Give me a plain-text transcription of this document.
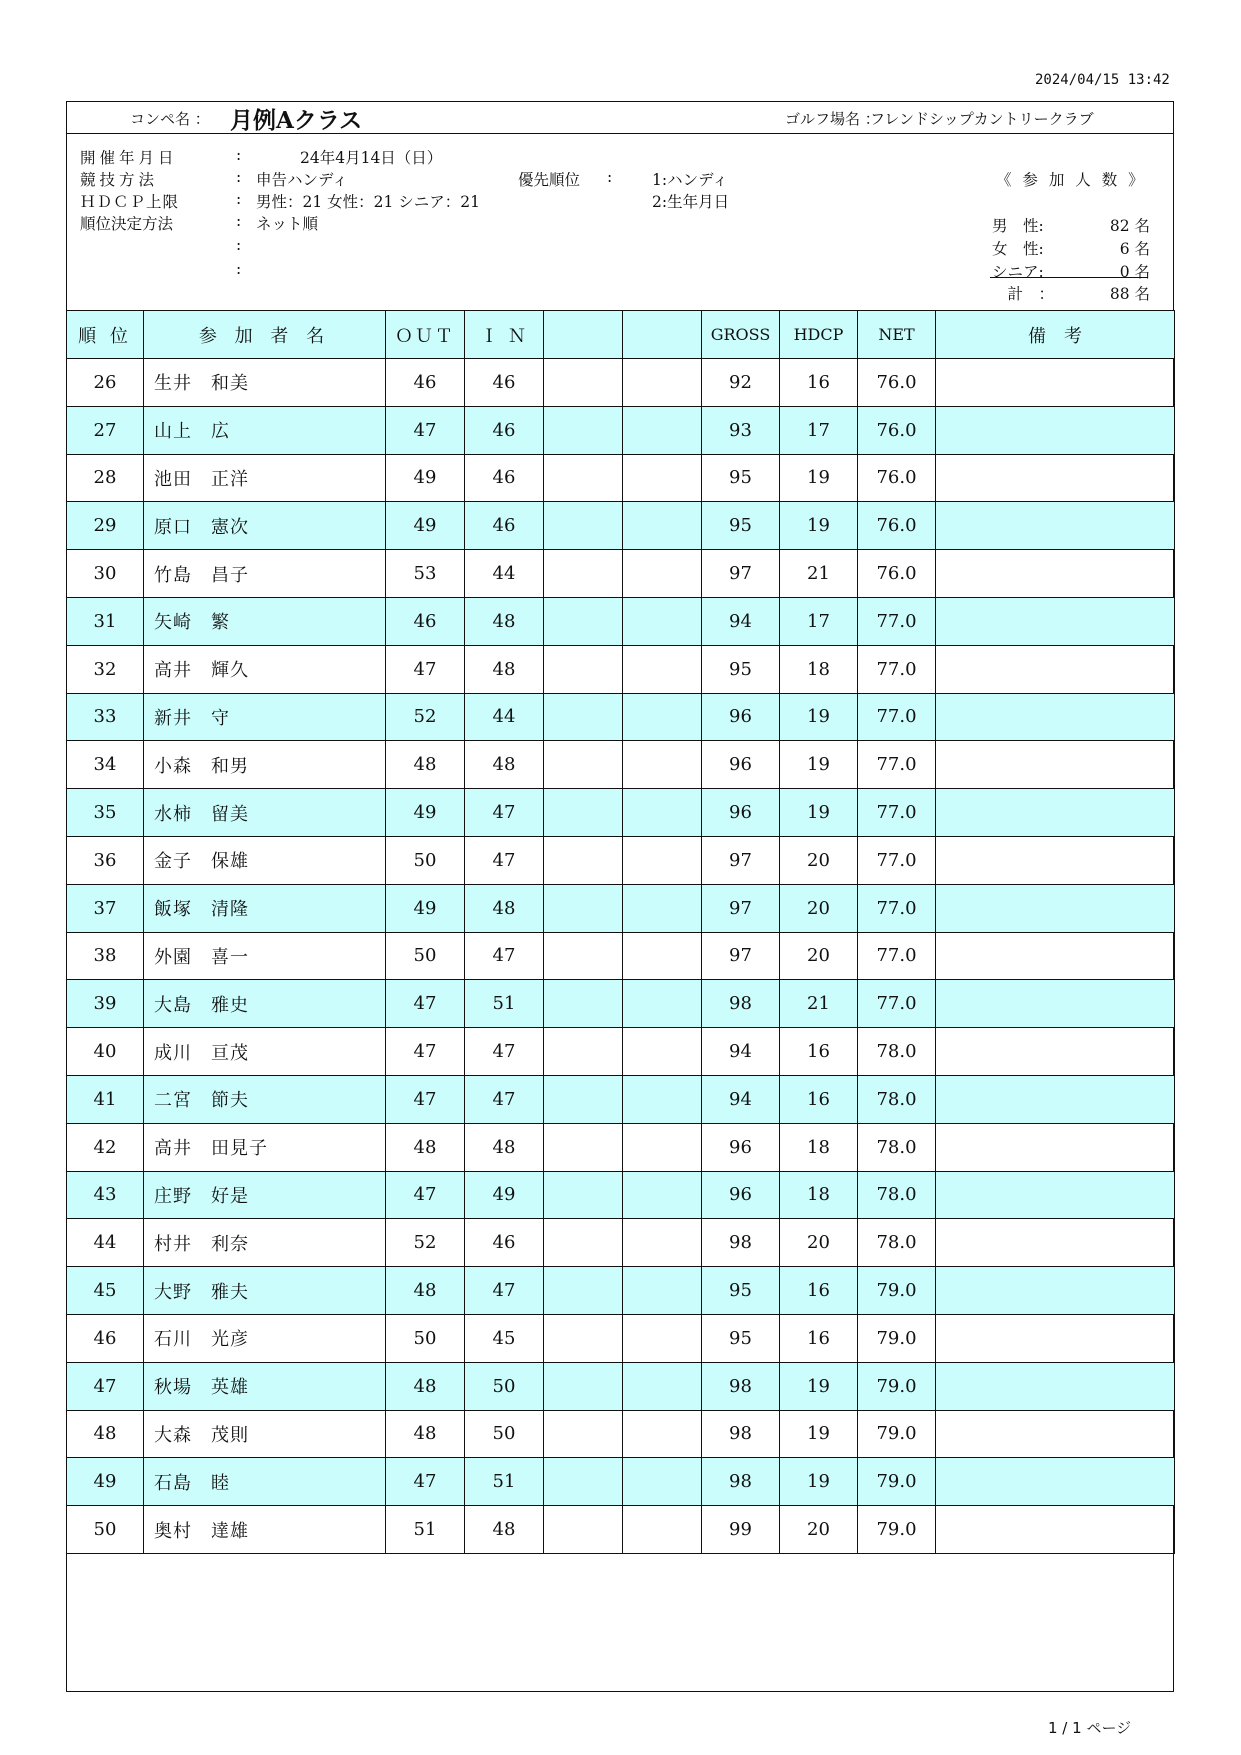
2024/04/15 13:42
コンペ名 ： 月例Aクラス	ゴルフ場名 ：
フレンドシップカントリークラブ
開催年月日	:	24年4月14日（日）
競技方法	: 申告ハンディ
ＨＤＣＰ上限	: 男性：21 女性：21 シニア：21
順位決定方法	: ネット順
:
:
優先順位 :	1:ハンディ
2:生年月日
《 参 加 人 数 》
男　性:	82 名
女　性:	6 名
シニア:	0 名
　計　：	88 名
順 位	参 加 者 名	ＯＵＴ	Ｉ Ｎ			GROSS	HDCP	NET	備　考
26	生井　和美	46	46			92	16	76.0	
27	山上　広	47	46			93	17	76.0	
28	池田　正洋	49	46			95	19	76.0	
29	原口　憲次	49	46			95	19	76.0	
30	竹島　昌子	53	44			97	21	76.0	
31	矢崎　繁	46	48			94	17	77.0	
32	高井　輝久	47	48			95	18	77.0	
33	新井　守	52	44			96	19	77.0	
34	小森　和男	48	48			96	19	77.0	
35	水柿　留美	49	47			96	19	77.0	
36	金子　保雄	50	47			97	20	77.0	
37	飯塚　清隆	49	48			97	20	77.0	
38	外園　喜一	50	47			97	20	77.0	
39	大島　雅史	47	51			98	21	77.0	
40	成川　亘茂	47	47			94	16	78.0	
41	二宮　節夫	47	47			94	16	78.0	
42	高井　田見子	48	48			96	18	78.0	
43	庄野　好是	47	49			96	18	78.0	
44	村井　利奈	52	46			98	20	78.0	
45	大野　雅夫	48	47			95	16	79.0	
46	石川　光彦	50	45			95	16	79.0	
47	秋場　英雄	48	50			98	19	79.0	
48	大森　茂則	48	50			98	19	79.0	
49	石島　睦	47	51			98	19	79.0	
50	奥村　達雄	51	48			99	20	79.0	
1 / 1 ページ
